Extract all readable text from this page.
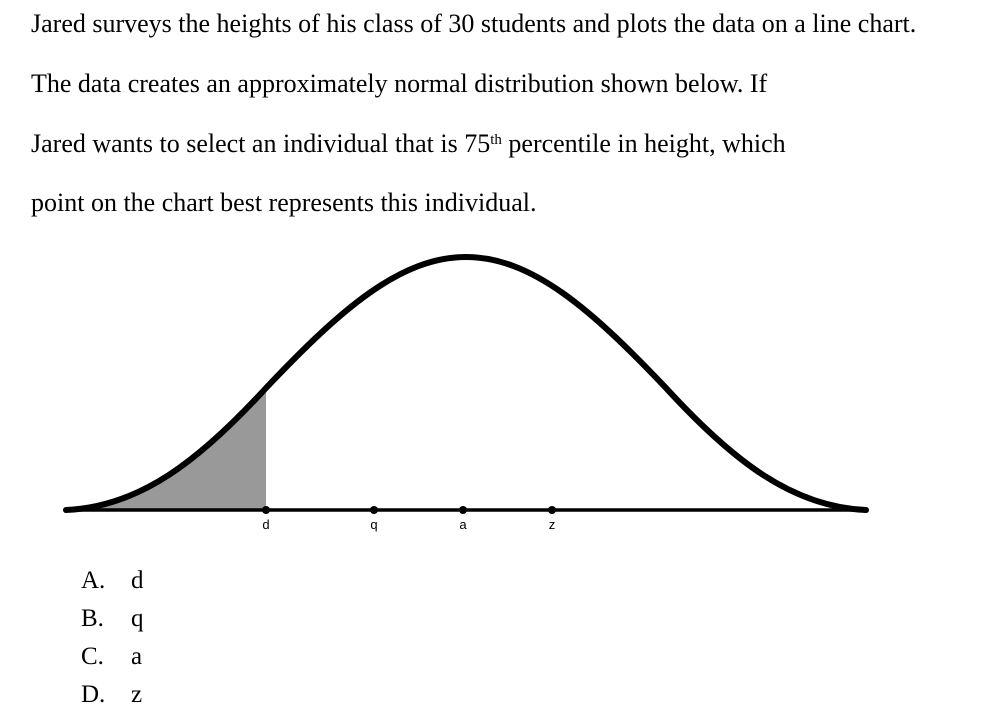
Jared surveys the heights of his class of 30 students and plots the data on a line chart.
The data creates an approximately normal distribution shown below. If
Jared wants to select an individual that is 75th percentile in height, which
point on the chart best represents this individual.
d	q	a	z
A. d
B. q
C. a
D. z
